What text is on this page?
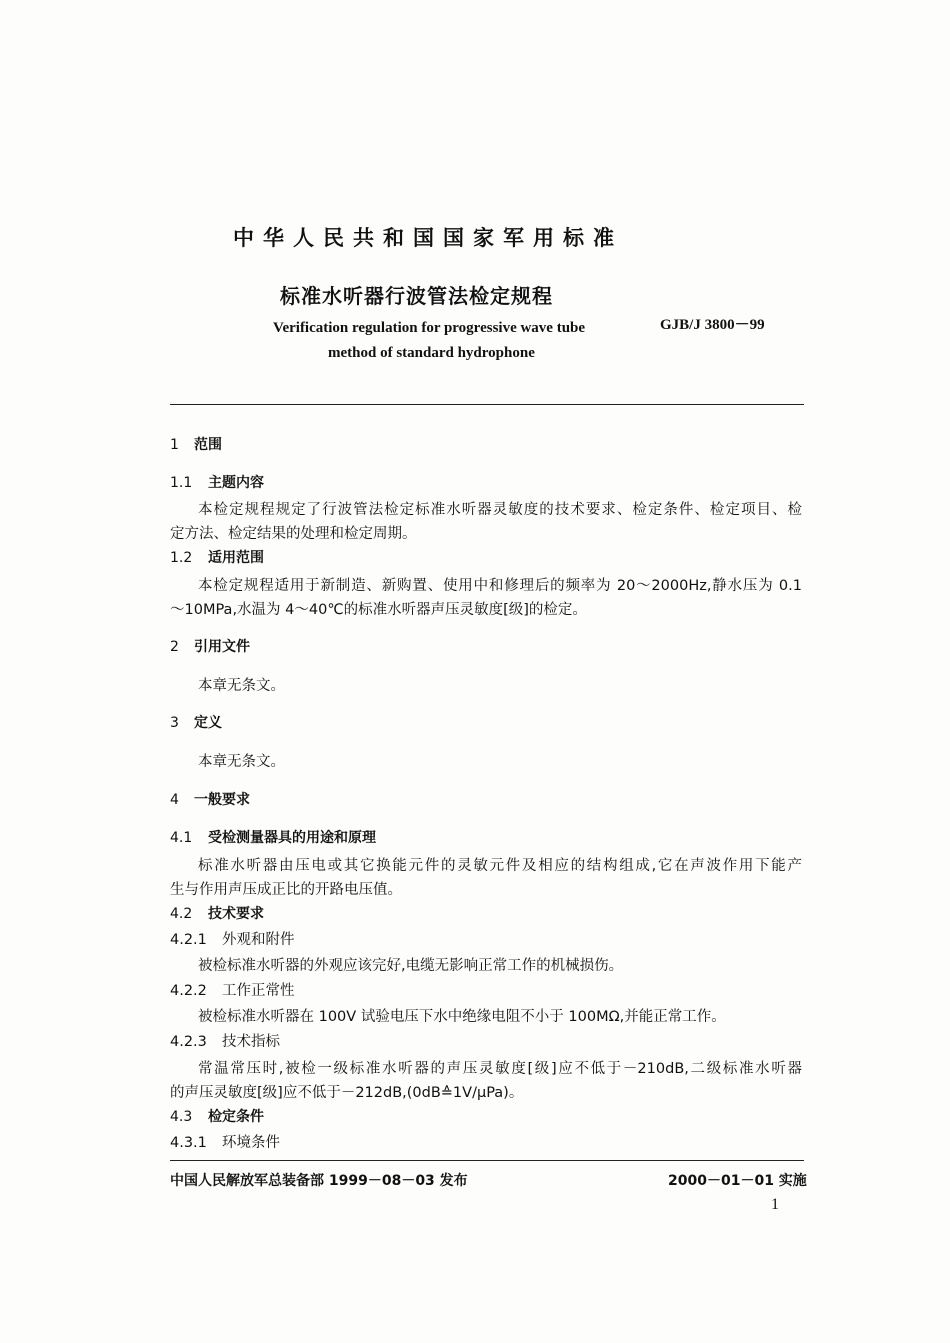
中华人民共和国国家军用标准
标准水听器行波管法检定规程
Verification regulation for progressive wave tube
method of standard hydrophone
GJB/J 3800－99
1 范围
1.1 主题内容
本检定规程规定了行波管法检定标准水听器灵敏度的技术要求、检定条件、检定项目、检
定方法、检定结果的处理和检定周期。
1.2 适用范围
本检定规程适用于新制造、新购置、使用中和修理后的频率为 20～2000Hz,静水压为 0.1
～10MPa,水温为 4～40℃的标准水听器声压灵敏度[级]的检定。
2 引用文件
本章无条文。
3 定义
本章无条文。
4 一般要求
4.1 受检测量器具的用途和原理
标准水听器由压电或其它换能元件的灵敏元件及相应的结构组成,它在声波作用下能产
生与作用声压成正比的开路电压值。
4.2 技术要求
4.2.1 外观和附件
被检标准水听器的外观应该完好,电缆无影响正常工作的机械损伤。
4.2.2 工作正常性
被检标准水听器在 100V 试验电压下水中绝缘电阻不小于 100MΩ,并能正常工作。
4.2.3 技术指标
常温常压时,被检一级标准水听器的声压灵敏度[级]应不低于－210dB,二级标准水听器
的声压灵敏度[级]应不低于－212dB,(0dB≙1V/μPa)。
4.3 检定条件
4.3.1 环境条件
中国人民解放军总装备部 1999－08－03 发布	2000－01－01 实施
1
